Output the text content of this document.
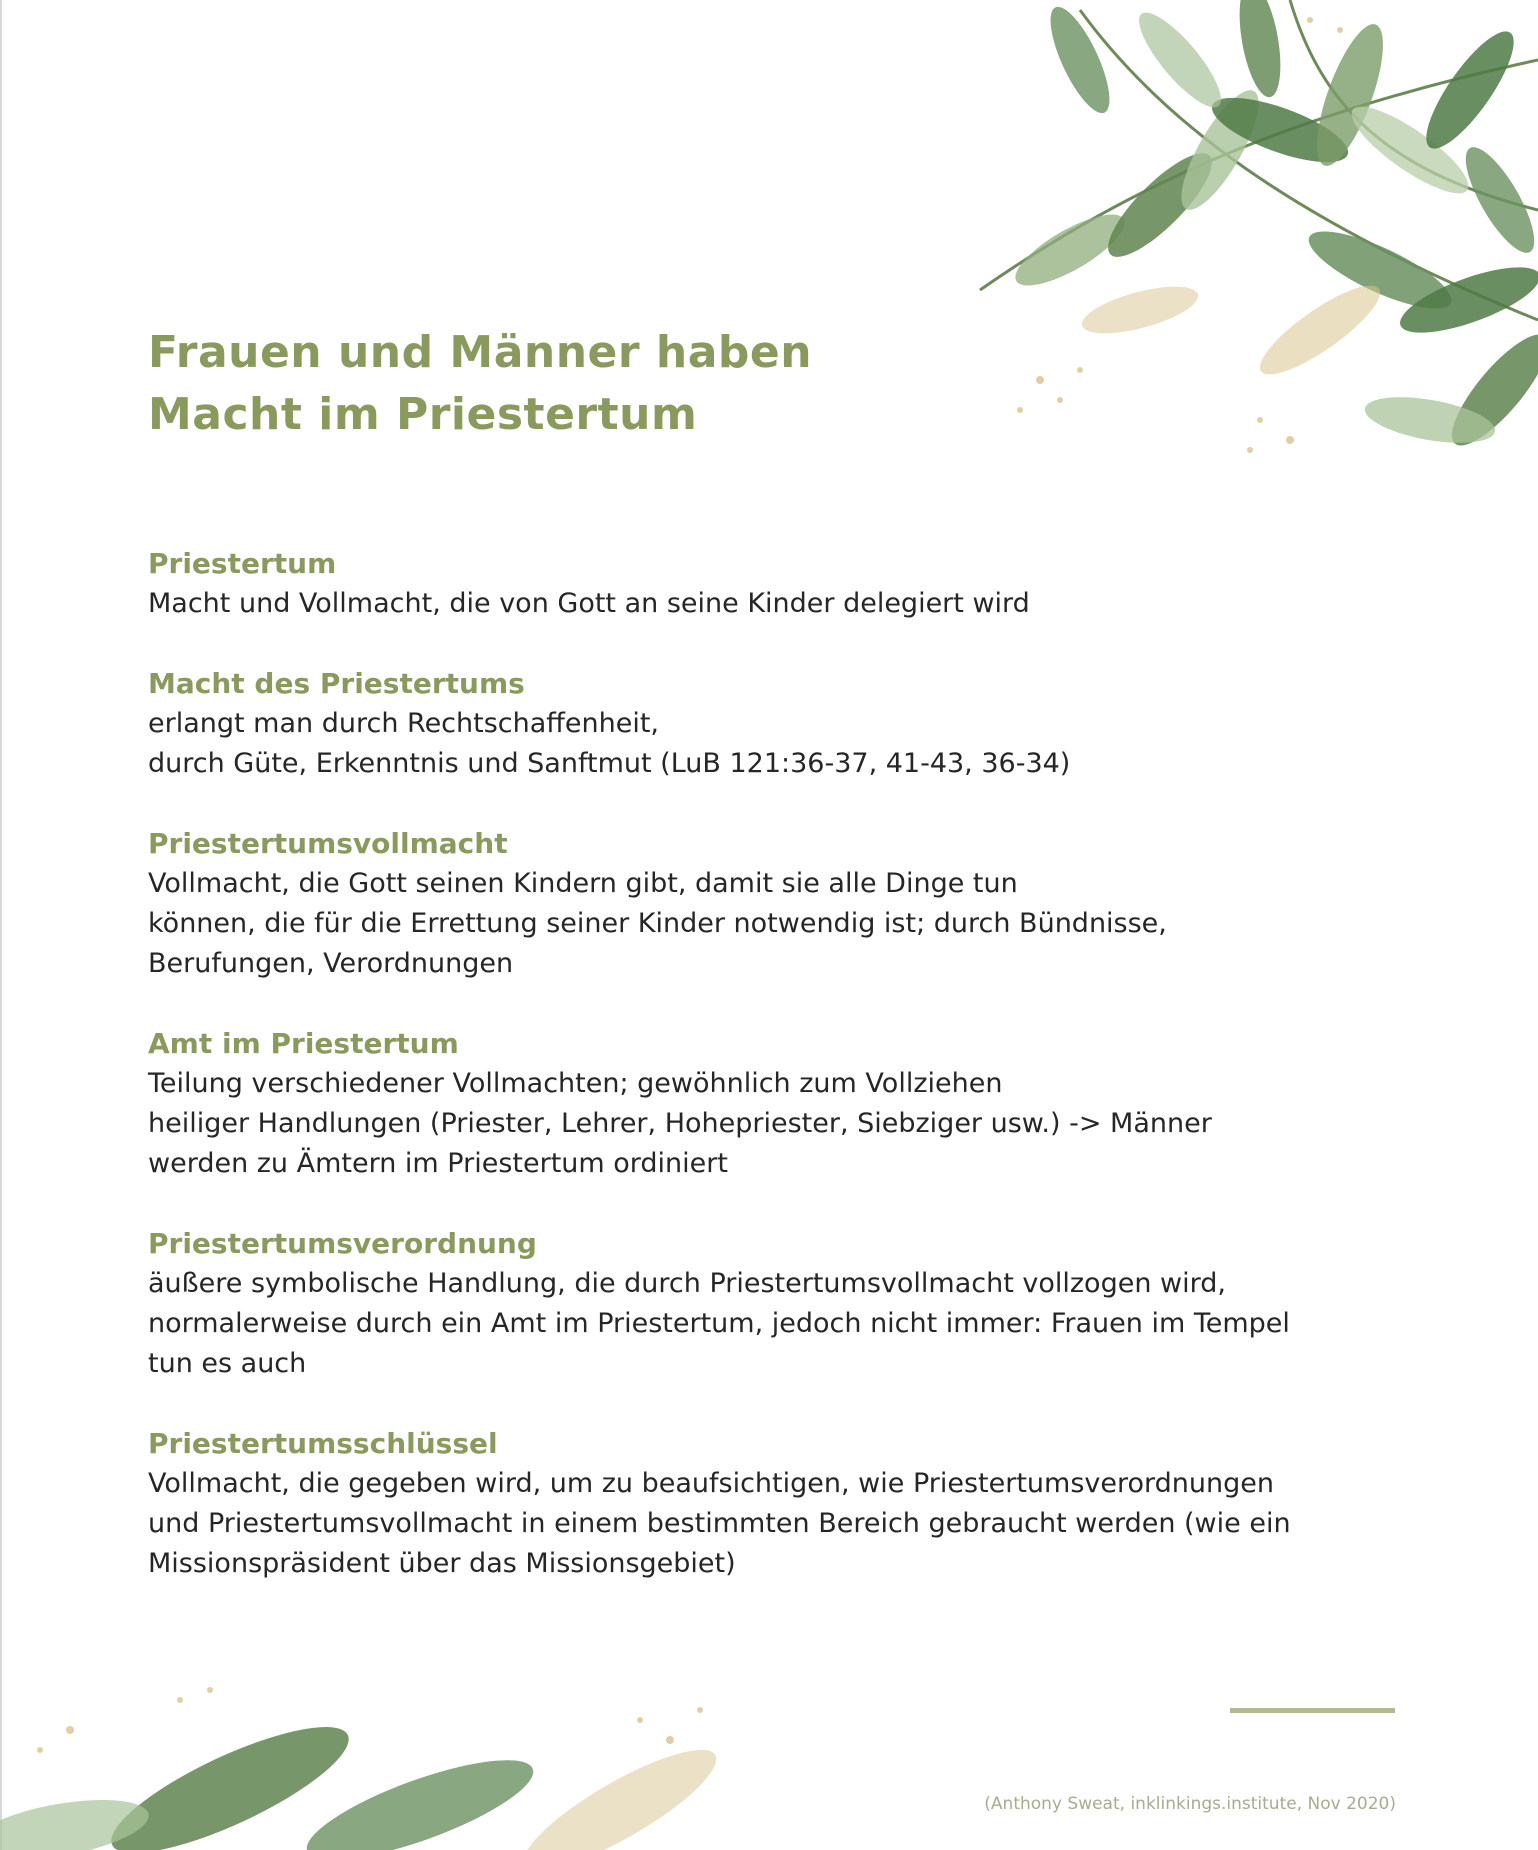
Frauen und Männer haben
Macht im Priestertum

Priestertum

Macht und Vollmacht, die von Gott an seine Kinder delegiert wird

Macht des Priestertums

erlangt man durch Rechtschaffenheit,
durch Güte, Erkenntnis und Sanftmut (LuB 121:36-37, 41-43, 36-34)

Priestertumsvollmacht

Vollmacht, die Gott seinen Kindern gibt, damit sie alle Dinge tun
können, die für die Errettung seiner Kinder notwendig ist; durch Bündnisse,
Berufungen, Verordnungen

Amt im Priestertum

Teilung verschiedener Vollmachten; gewöhnlich zum Vollziehen
heiliger Handlungen (Priester, Lehrer, Hohepriester, Siebziger usw.) -> Männer
werden zu Ämtern im Priestertum ordiniert

Priestertumsverordnung

äußere symbolische Handlung, die durch Priestertumsvollmacht vollzogen wird,
normalerweise durch ein Amt im Priestertum, jedoch nicht immer: Frauen im Tempel
tun es auch

Priestertumsschlüssel

Vollmacht, die gegeben wird, um zu beaufsichtigen, wie Priestertumsverordnungen
und Priestertumsvollmacht in einem bestimmten Bereich gebraucht werden (wie ein
Missionspräsident über das Missionsgebiet)

(Anthony Sweat, inklinkings.institute, Nov 2020)
